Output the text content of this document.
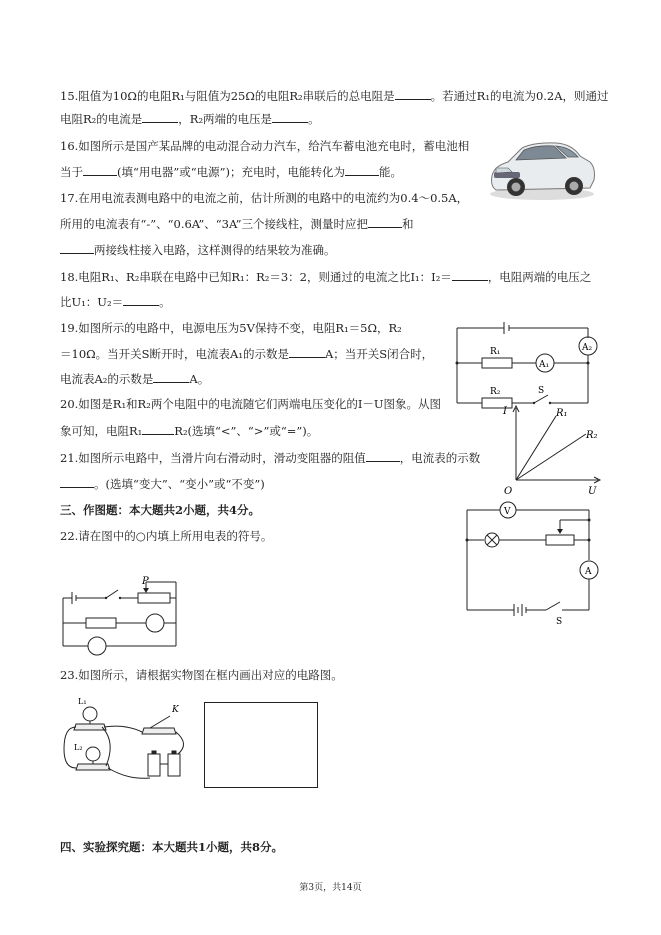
15.阻值为10Ω的电阻R₁与阻值为25Ω的电阻R₂串联后的总电阻是	。若通过R₁的电流为0.2A，则通过
电阻R₂的电流是	，R₂两端的电压是	。
16.如图所示是国产某品牌的电动混合动力汽车，给汽车蓄电池充电时，蓄电池相
当于	(填“用电器”或“电源”)；充电时，电能转化为	能。
17.在用电流表测电路中的电流之前，估计所测的电路中的电流约为0.4～0.5A，
所用的电流表有“-”、“0.6A”、“3A”三个接线柱，测量时应把	和
两接线柱接入电路，这样测得的结果较为准确。
18.电阻R₁、R₂串联在电路中已知R₁：R₂＝3：2，则通过的电流之比I₁：I₂＝	，电阻两端的电压之
比U₁：U₂＝	。
19.如图所示的电路中，电源电压为5V保持不变，电阻R₁＝5Ω，R₂
＝10Ω。当开关S断开时，电流表A₁的示数是	A；当开关S闭合时，
电流表A₂的示数是	A。
R₁
R₂
A₁
A₂
S
20.如图是R₁和R₂两个电阻中的电流随它们两端电压变化的I－U图象。从图
象可知，电阻R₁	R₂(选填“<”、“>”或“=”)。
I
U
O
R₁
R₂
21.如图所示电路中，当滑片向右滑动时，滑动变阻器的阻值	，电流表的示数
。(选填“变大”、“变小”或“不变”)
三、作图题：本大题共2小题，共4分。	V
A
S
22.请在图中的○内填上所用电表的符号。
P
23.如图所示，请根据实物图在框内画出对应的电路图。
L₁
L₂
K
四、实验探究题：本大题共1小题，共8分。
第3页，共14页
